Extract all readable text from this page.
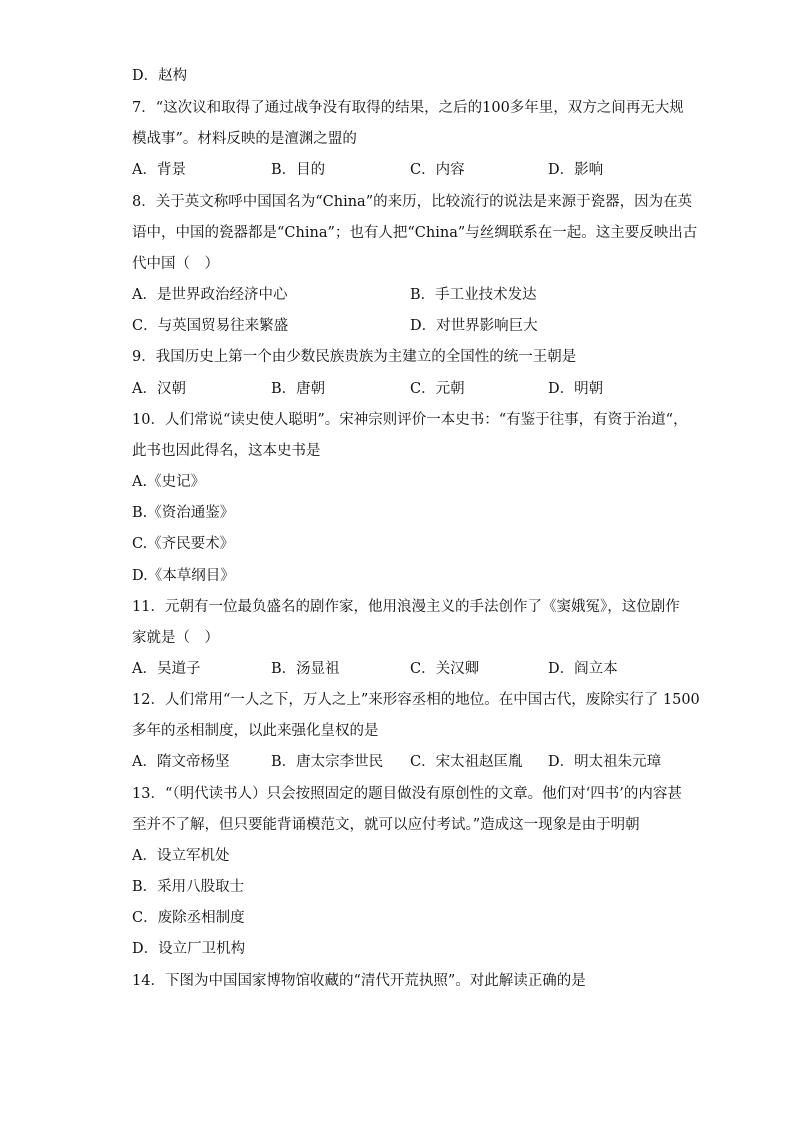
D．赵构
7．“这次议和取得了通过战争没有取得的结果，之后的100多年里，双方之间再无大规
模战事”。材料反映的是澶渊之盟的
A．背景	B．目的	C．内容	D．影响
8．关于英文称呼中国国名为“China”的来历，比较流行的说法是来源于瓷器，因为在英
语中，中国的瓷器都是“China”；也有人把“China”与丝绸联系在一起。这主要反映出古
代中国（　）
A．是世界政治经济中心	B．手工业技术发达
C．与英国贸易往来繁盛	D．对世界影响巨大
9．我国历史上第一个由少数民族贵族为主建立的全国性的统一王朝是
A．汉朝	B．唐朝	C．元朝	D．明朝
10．人们常说“读史使人聪明”。宋神宗则评价一本史书：“有鉴于往事，有资于治道“，
此书也因此得名，这本史书是
A.《史记》
B.《资治通鉴》
C.《齐民要术》
D.《本草纲目》
11．元朝有一位最负盛名的剧作家，他用浪漫主义的手法创作了《窦娥冤》，这位剧作
家就是（　）
A．吴道子	B．汤显祖	C．关汉卿	D．阎立本
12．人们常用“一人之下，万人之上”来形容丞相的地位。在中国古代，废除实行了 1500
多年的丞相制度，以此来强化皇权的是
A．隋文帝杨坚	B．唐太宗李世民 C．宋太祖赵匡胤 D．明太祖朱元璋
13．“（明代读书人）只会按照固定的题目做没有原创性的文章。他们对‘四书’的内容甚
至并不了解，但只要能背诵模范文，就可以应付考试。”造成这一现象是由于明朝
A．设立军机处
B．采用八股取士
C．废除丞相制度
D．设立厂卫机构
14．下图为中国国家博物馆收藏的“清代开荒执照”。对此解读正确的是
